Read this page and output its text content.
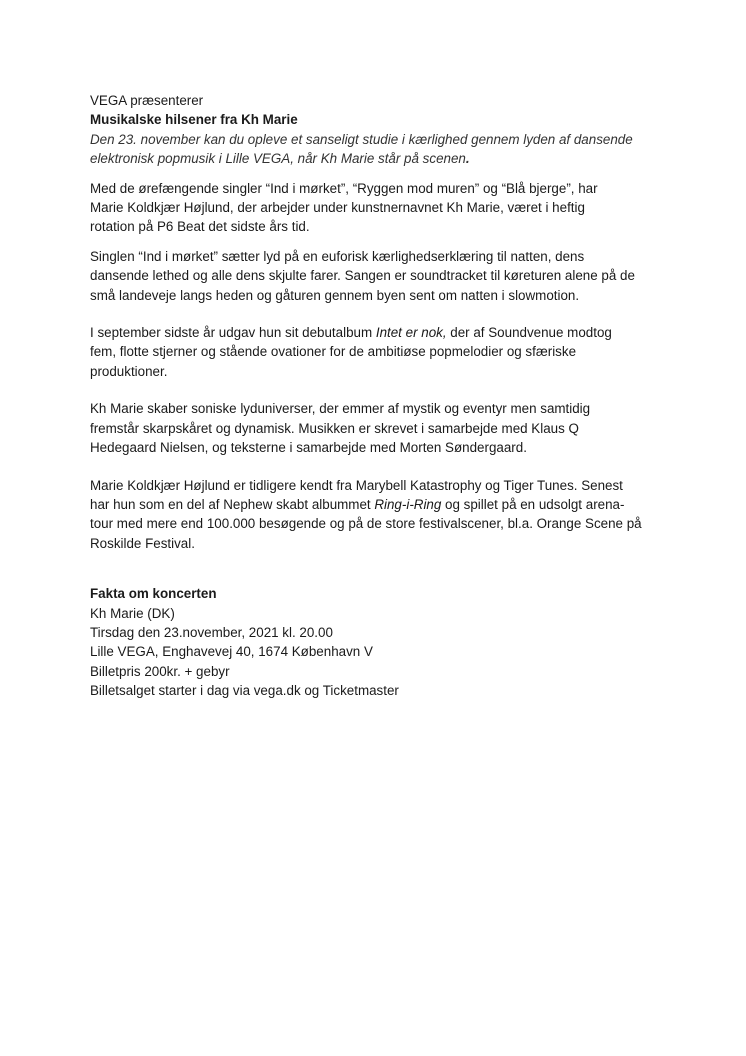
VEGA præsenterer
Musikalske hilsener fra Kh Marie
Den 23. november kan du opleve et sanseligt studie i kærlighed gennem lyden af dansende
elektronisk popmusik i Lille VEGA, når Kh Marie står på scenen.

Med de ørefængende singler “Ind i mørket”, “Ryggen mod muren” og “Blå bjerge”, har
Marie Koldkjær Højlund, der arbejder under kunstnernavnet Kh Marie, været i heftig
rotation på P6 Beat det sidste års tid.

Singlen “Ind i mørket” sætter lyd på en euforisk kærlighedserklæring til natten, dens
dansende lethed og alle dens skjulte farer. Sangen er soundtracket til køreturen alene på de
små landeveje langs heden og gåturen gennem byen sent om natten i slowmotion.

I september sidste år udgav hun sit debutalbum Intet er nok, der af Soundvenue modtog
fem, flotte stjerner og stående ovationer for de ambitiøse popmelodier og sfæriske
produktioner.

Kh Marie skaber soniske lyduniverser, der emmer af mystik og eventyr men samtidig
fremstår skarpskåret og dynamisk. Musikken er skrevet i samarbejde med Klaus Q
Hedegaard Nielsen, og teksterne i samarbejde med Morten Søndergaard.

Marie Koldkjær Højlund er tidligere kendt fra Marybell Katastrophy og Tiger Tunes. Senest
har hun som en del af Nephew skabt albummet Ring-i-Ring og spillet på en udsolgt arena-
tour med mere end 100.000 besøgende og på de store festivalscener, bl.a. Orange Scene på
Roskilde Festival.

Fakta om koncerten
Kh Marie (DK)
Tirsdag den 23.november, 2021 kl. 20.00
Lille VEGA, Enghavevej 40, 1674 København V
Billetpris 200kr. + gebyr
Billetsalget starter i dag via vega.dk og Ticketmaster
